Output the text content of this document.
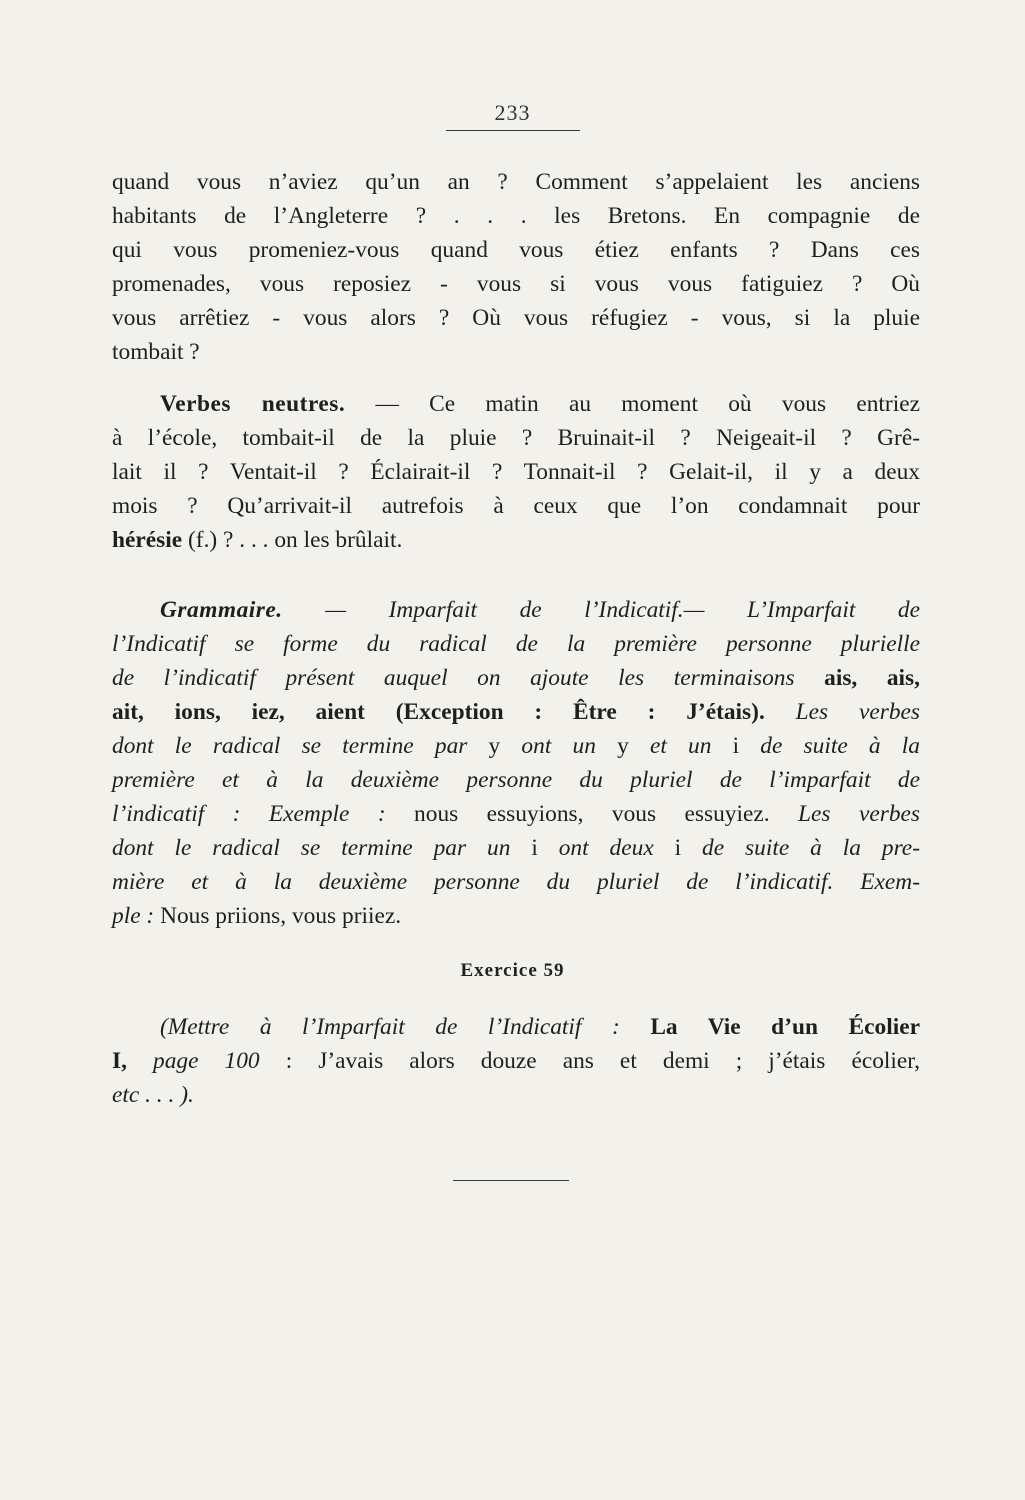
233
quand vous n’aviez qu’un an ? Comment s’appelaient les anciens
habitants de l’Angleterre ? . . . les Bretons. En compagnie de
qui vous promeniez-vous quand vous étiez enfants ? Dans ces
promenades, vous reposiez - vous si vous vous fatiguiez ? Où
vous arrêtiez - vous alors ? Où vous réfugiez - vous, si la pluie
tombait ?
Verbes neutres. — Ce matin au moment où vous entriez
à l’école, tombait-il de la pluie ? Bruinait-il ? Neigeait-il ? Grê-
lait il ? Ventait-il ? Éclairait-il ? Tonnait-il ? Gelait-il, il y a deux
mois ? Qu’arrivait-il autrefois à ceux que l’on condamnait pour
hérésie (f.) ? . . . on les brûlait.
Grammaire. — Imparfait de l’Indicatif.— L’Imparfait de
l’Indicatif se forme du radical de la première personne plurielle
de l’indicatif présent auquel on ajoute les terminaisons ais, ais,
ait, ions, iez, aient (Exception : Être : J’étais). Les verbes
dont le radical se termine par y ont un y et un i de suite à la
première et à la deuxième personne du pluriel de l’imparfait de
l’indicatif : Exemple : nous essuyions, vous essuyiez. Les verbes
dont le radical se termine par un i ont deux i de suite à la pre-
mière et à la deuxième personne du pluriel de l’indicatif. Exem-
ple : Nous priions, vous priiez.
Exercice 59
(Mettre à l’Imparfait de l’Indicatif : La Vie d’un Écolier
I, page 100 : J’avais alors douze ans et demi ; j’étais écolier,
etc . . . ).
